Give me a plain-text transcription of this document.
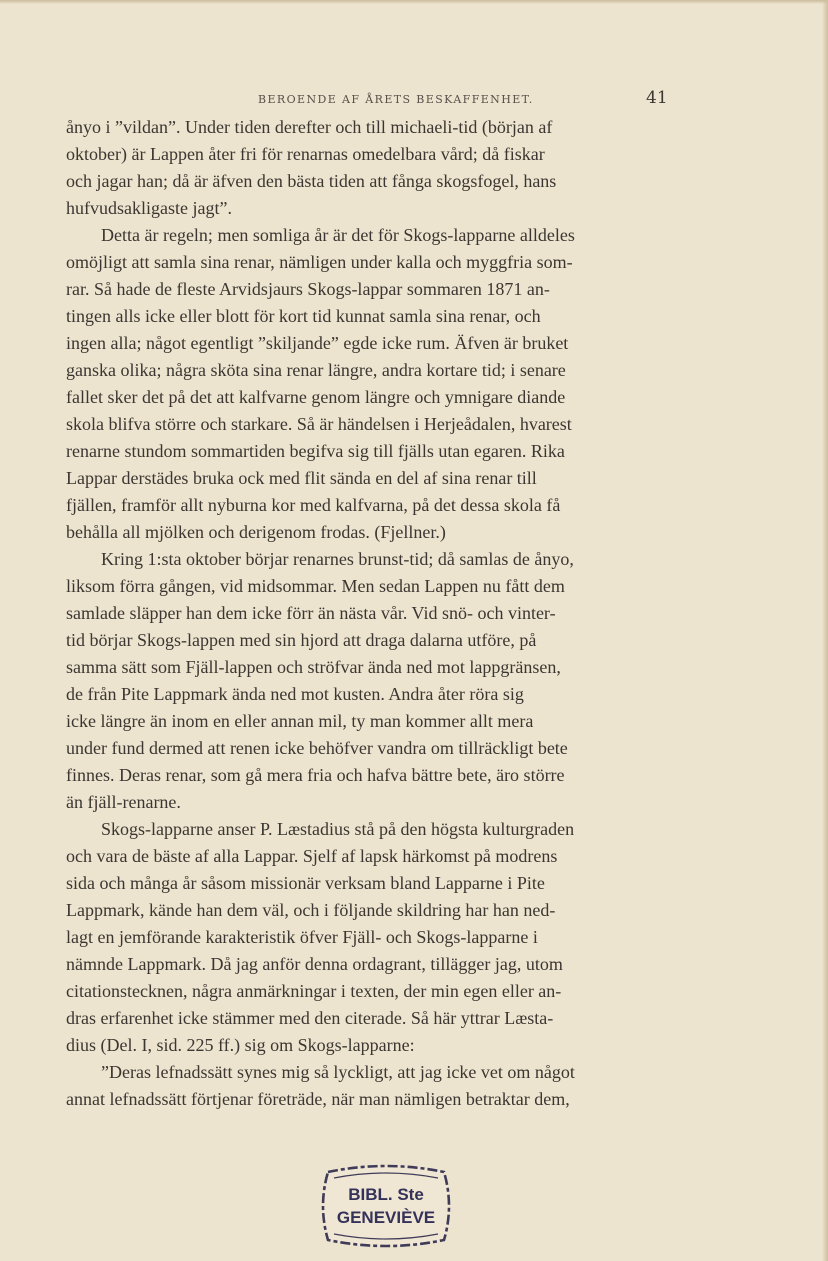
BEROENDE AF ÅRETS BESKAFFENHET.	41
ånyo i ”vildan”. Under tiden derefter och till michaeli-tid (början af
oktober) är Lappen åter fri för renarnas omedelbara vård; då fiskar
och jagar han; då är äfven den bästa tiden att fånga skogsfogel, hans
hufvudsakligaste jagt”.
Detta är regeln; men somliga år är det för Skogs-lapparne alldeles
omöjligt att samla sina renar, nämligen under kalla och myggfria som-
rar. Så hade de fleste Arvidsjaurs Skogs-lappar sommaren 1871 an-
tingen alls icke eller blott för kort tid kunnat samla sina renar, och
ingen alla; något egentligt ”skiljande” egde icke rum. Äfven är bruket
ganska olika; några sköta sina renar längre, andra kortare tid; i senare
fallet sker det på det att kalfvarne genom längre och ymnigare diande
skola blifva större och starkare. Så är händelsen i Herjeådalen, hvarest
renarne stundom sommartiden begifva sig till fjälls utan egaren. Rika
Lappar derstädes bruka ock med flit sända en del af sina renar till
fjällen, framför allt nyburna kor med kalfvarna, på det dessa skola få
behålla all mjölken och derigenom frodas. (Fjellner.)
Kring 1:sta oktober börjar renarnes brunst-tid; då samlas de ånyo,
liksom förra gången, vid midsommar. Men sedan Lappen nu fått dem
samlade släpper han dem icke förr än nästa vår. Vid snö- och vinter-
tid börjar Skogs-lappen med sin hjord att draga dalarna utföre, på
samma sätt som Fjäll-lappen och ströfvar ända ned mot lappgränsen,
de från Pite Lappmark ända ned mot kusten. Andra åter röra sig
icke längre än inom en eller annan mil, ty man kommer allt mera
under fund dermed att renen icke behöfver vandra om tillräckligt bete
finnes. Deras renar, som gå mera fria och hafva bättre bete, äro större
än fjäll-renarne.
Skogs-lapparne anser P. Læstadius stå på den högsta kulturgraden
och vara de bäste af alla Lappar. Sjelf af lapsk härkomst på modrens
sida och många år såsom missionär verksam bland Lapparne i Pite
Lappmark, kände han dem väl, och i följande skildring har han ned-
lagt en jemförande karakteristik öfver Fjäll- och Skogs-lapparne i
nämnde Lappmark. Då jag anför denna ordagrant, tillägger jag, utom
citationstecknen, några anmärkningar i texten, der min egen eller an-
dras erfarenhet icke stämmer med den citerade. Så här yttrar Læsta-
dius (Del. I, sid. 225 ff.) sig om Skogs-lapparne:
”Deras lefnadssätt synes mig så lyckligt, att jag icke vet om något
annat lefnadssätt förtjenar företräde, när man nämligen betraktar dem,
BIBL. Ste
GENEVIÈVE
